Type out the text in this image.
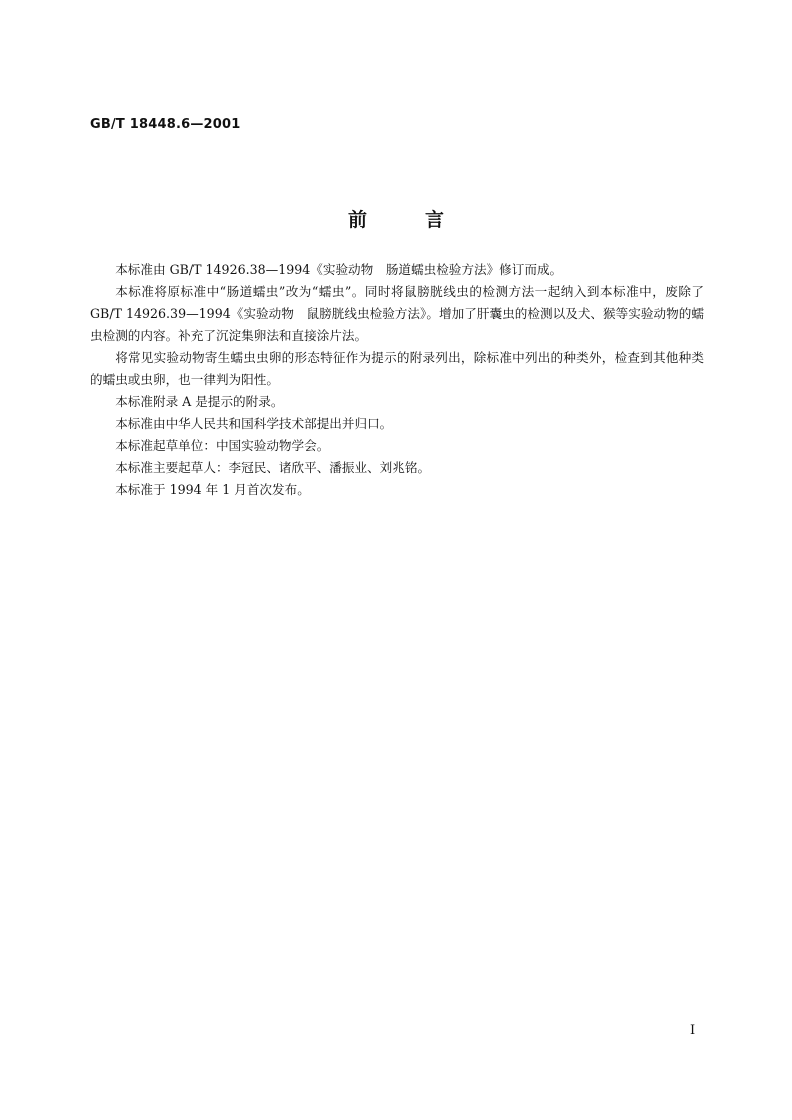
GB/T 18448.6—2001
前	言

本标准由 GB/T 14926.38—1994《实验动物　肠道蠕虫检验方法》修订而成。

本标准将原标准中“肠道蠕虫”改为“蠕虫”。同时将鼠膀胱线虫的检测方法一起纳入到本标准中，废除了 GB/T 14926.39—1994《实验动物　鼠膀胱线虫检验方法》。增加了肝囊虫的检测以及犬、猴等实验动物的蠕虫检测的内容。补充了沉淀集卵法和直接涂片法。

将常见实验动物寄生蠕虫虫卵的形态特征作为提示的附录列出，除标准中列出的种类外，检查到其他种类的蠕虫或虫卵，也一律判为阳性。

本标准附录 A 是提示的附录。

本标准由中华人民共和国科学技术部提出并归口。

本标准起草单位：中国实验动物学会。

本标准主要起草人：李冠民、诸欣平、潘振业、刘兆铭。

本标准于 1994 年 1 月首次发布。

I
